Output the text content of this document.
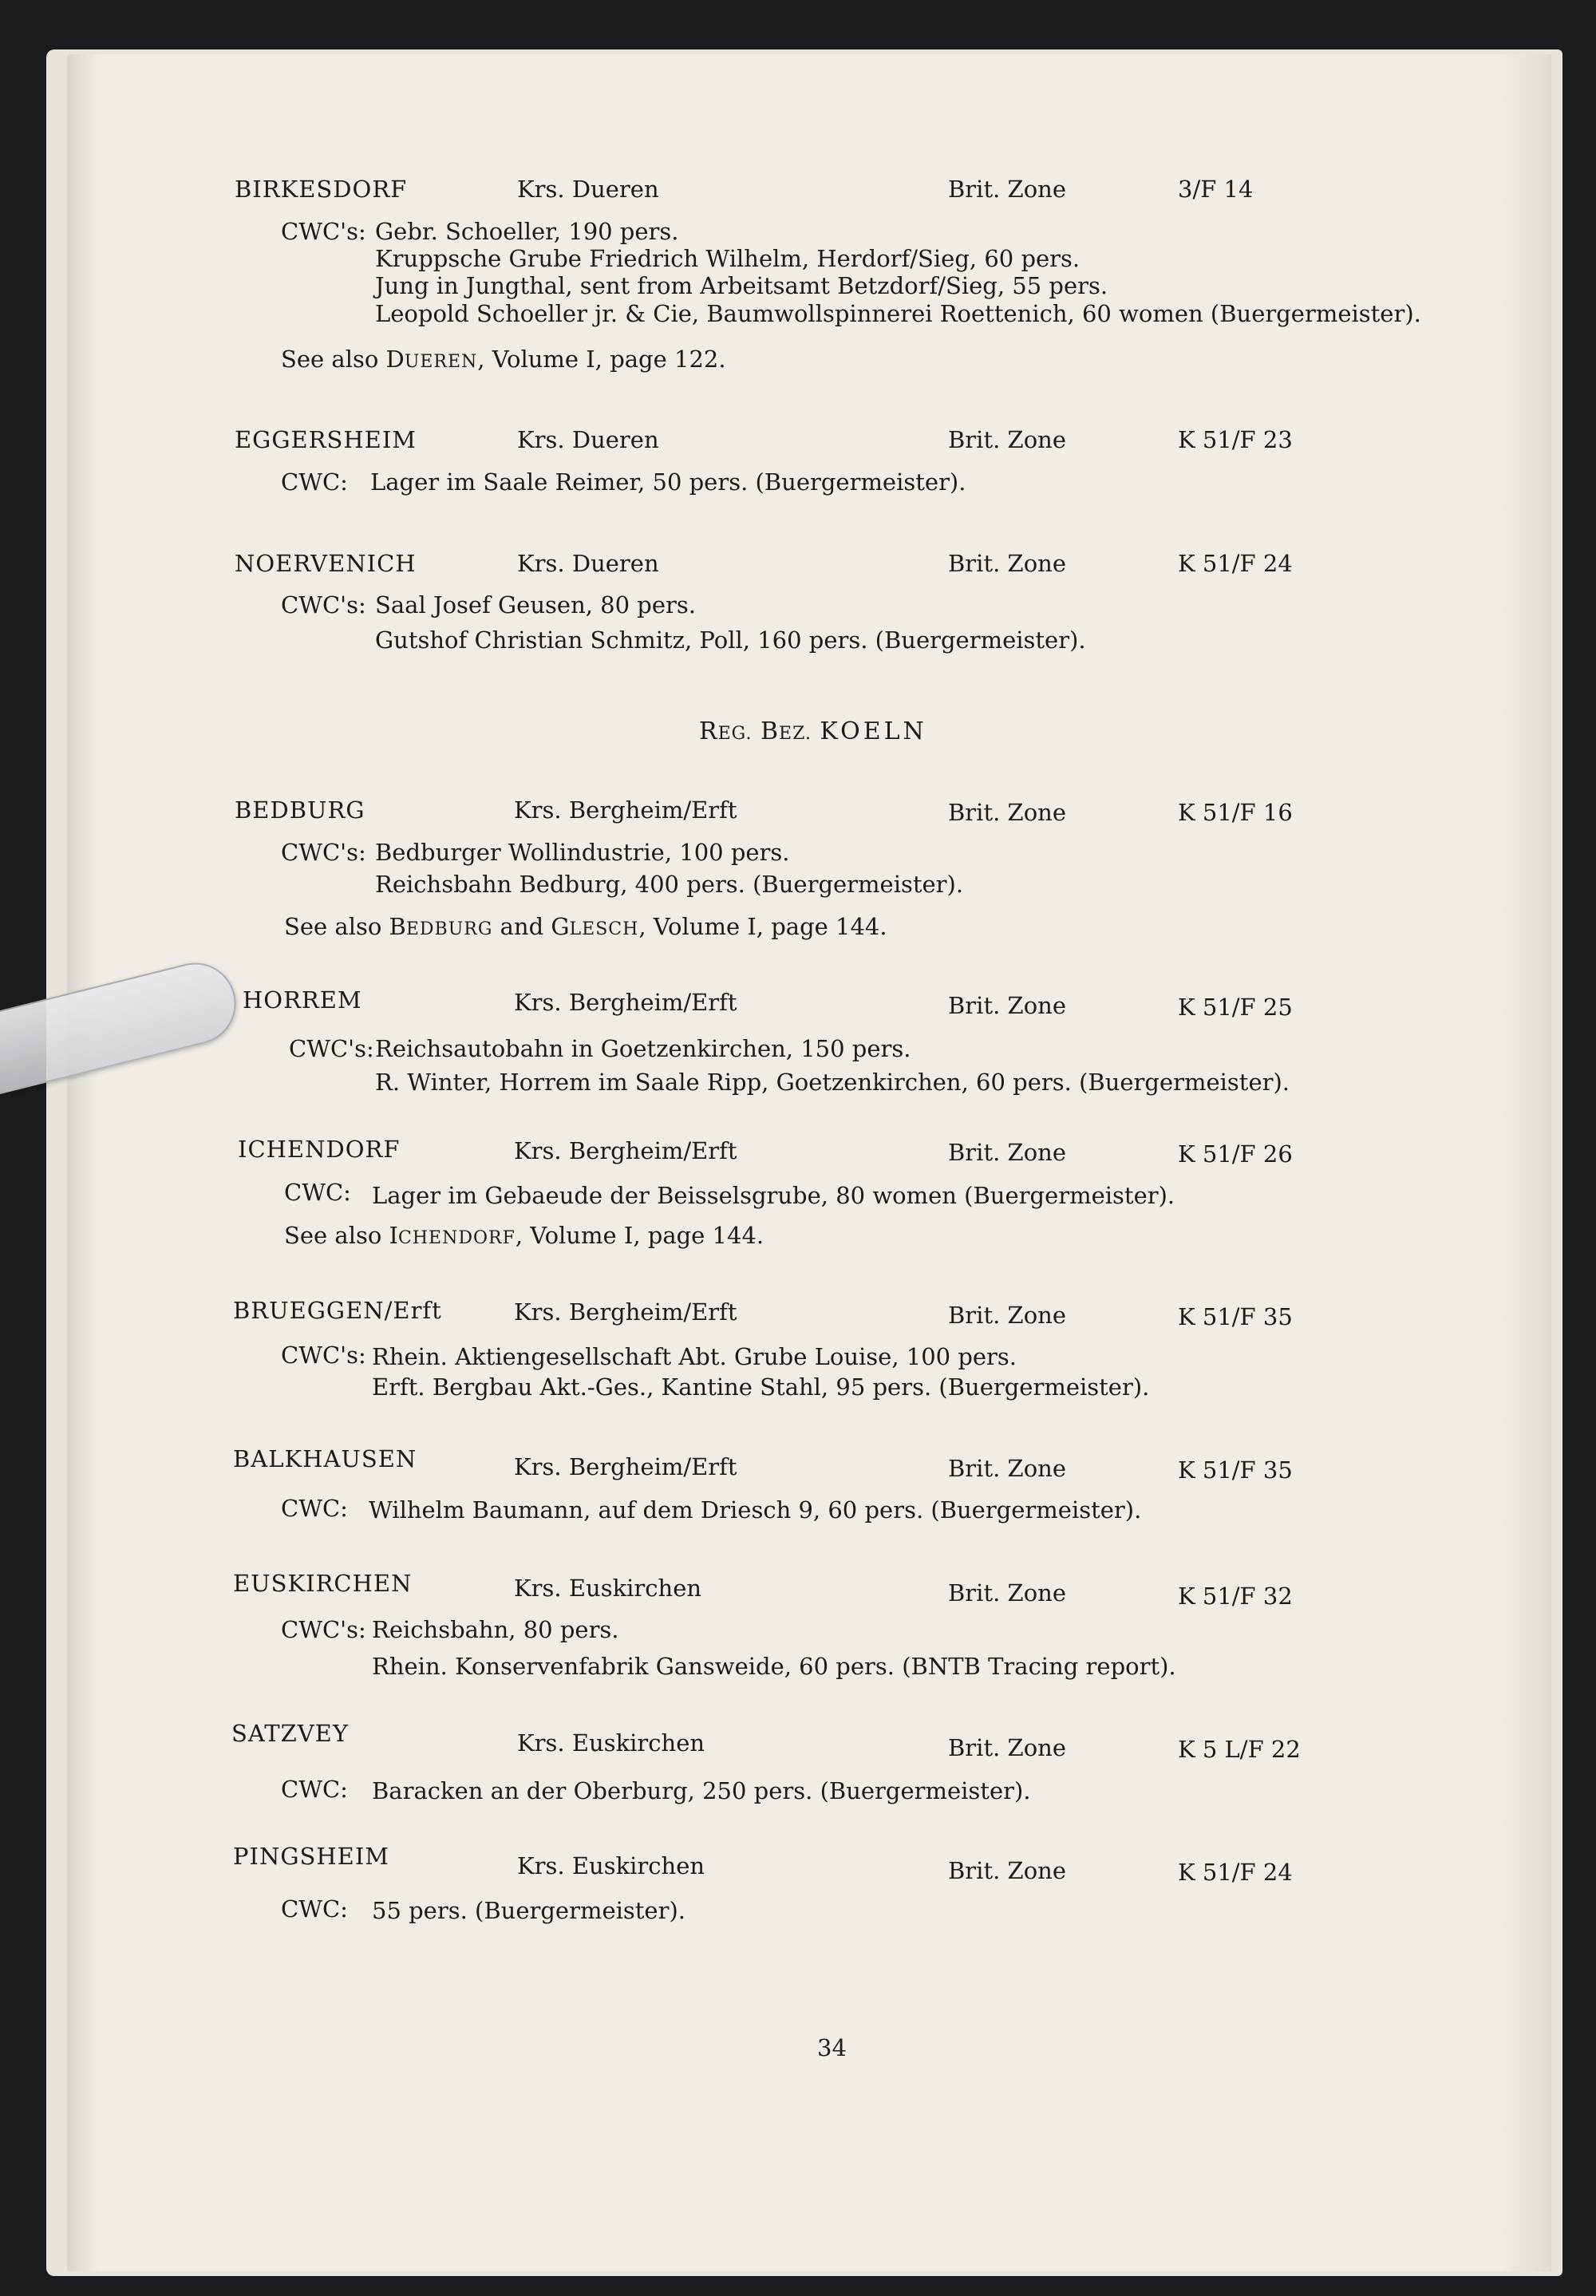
BIRKESDORF	Krs. Dueren	Brit. Zone	3/F 14
CWC's: Gebr. Schoeller, 190 pers.
Kruppsche Grube Friedrich Wilhelm, Herdorf/Sieg, 60 pers.
Jung in Jungthal, sent from Arbeitsamt Betzdorf/Sieg, 55 pers.
Leopold Schoeller jr. & Cie, Baumwollspinnerei Roettenich, 60 women (Buergermeister).
See also DUEREN, Volume I, page 122.
EGGERSHEIM	Krs. Dueren	Brit. Zone	K 51/F 23
CWC: Lager im Saale Reimer, 50 pers. (Buergermeister).
NOERVENICH	Krs. Dueren	Brit. Zone	K 51/F 24
CWC's: Saal Josef Geusen, 80 pers.
Gutshof Christian Schmitz, Poll, 160 pers. (Buergermeister).
REG. BEZ. KOELN
BEDBURG	Krs. Bergheim/Erft	Brit. Zone	K 51/F 16
CWC's: Bedburger Wollindustrie, 100 pers.
Reichsbahn Bedburg, 400 pers. (Buergermeister).
See also BEDBURG and GLESCH, Volume I, page 144.
HORREM	Krs. Bergheim/Erft	Brit. Zone	K 51/F 25
CWC's: Reichsautobahn in Goetzenkirchen, 150 pers.
R. Winter, Horrem im Saale Ripp, Goetzenkirchen, 60 pers. (Buergermeister).
ICHENDORF	Krs. Bergheim/Erft	Brit. Zone	K 51/F 26
CWC: Lager im Gebaeude der Beisselsgrube, 80 women (Buergermeister).
See also ICHENDORF, Volume I, page 144.
BRUEGGEN/Erft	Krs. Bergheim/Erft	Brit. Zone	K 51/F 35
CWC's: Rhein. Aktiengesellschaft Abt. Grube Louise, 100 pers.
Erft. Bergbau Akt.-Ges., Kantine Stahl, 95 pers. (Buergermeister).
BALKHAUSEN	Krs. Bergheim/Erft	Brit. Zone	K 51/F 35
CWC: Wilhelm Baumann, auf dem Driesch 9, 60 pers. (Buergermeister).
EUSKIRCHEN	Krs. Euskirchen	Brit. Zone	K 51/F 32
CWC's: Reichsbahn, 80 pers.
Rhein. Konservenfabrik Gansweide, 60 pers. (BNTB Tracing report).
SATZVEY	Krs. Euskirchen	Brit. Zone	K 5 L/F 22
CWC: Baracken an der Oberburg, 250 pers. (Buergermeister).
PINGSHEIM	Krs. Euskirchen	Brit. Zone	K 51/F 24
CWC: 55 pers. (Buergermeister).
34
